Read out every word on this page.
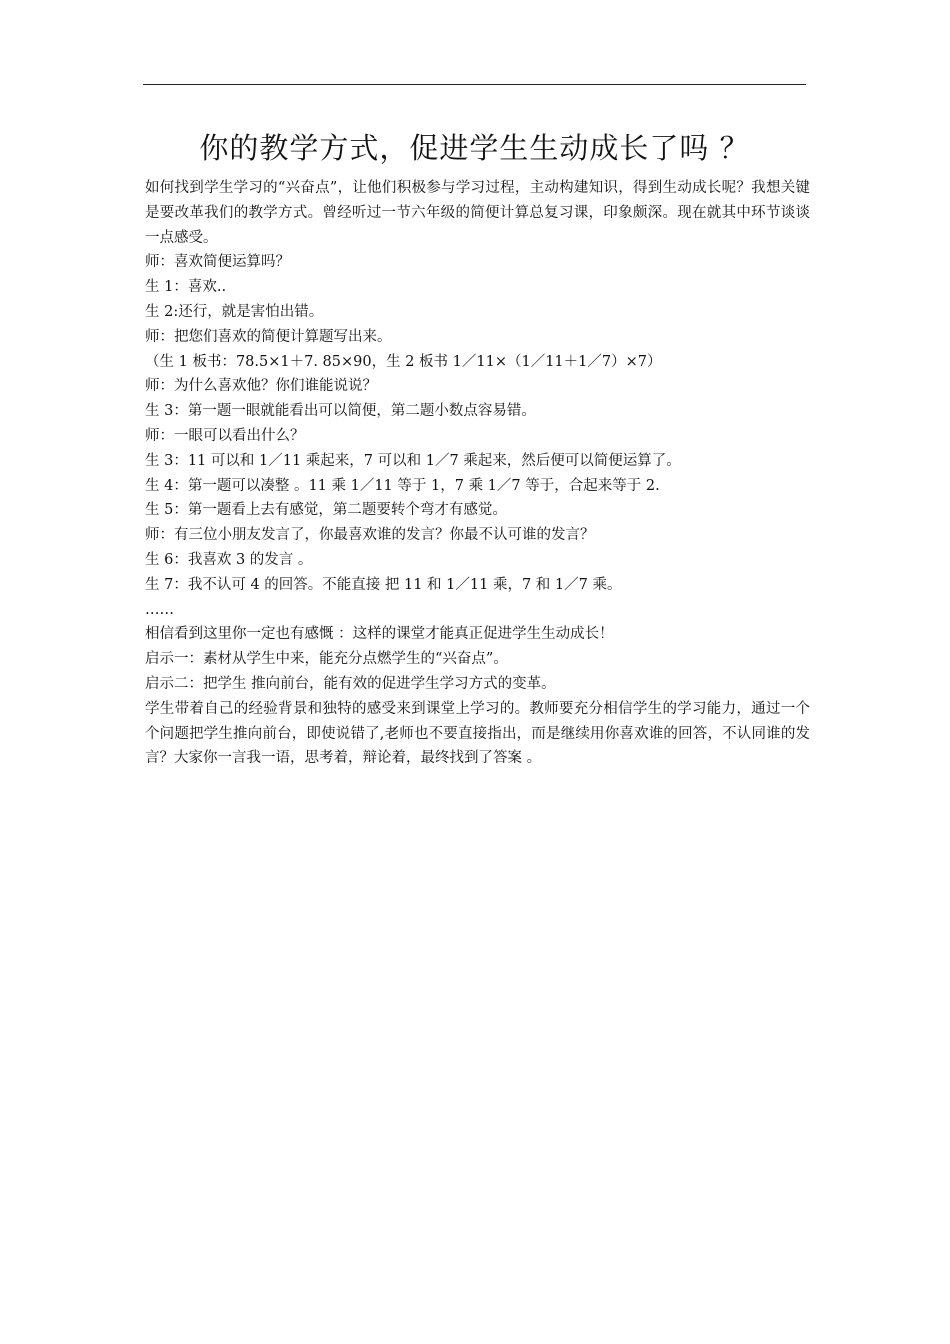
你的教学方式，促进学生生动成长了吗 ？

如何找到学生学习的“兴奋点”，让他们积极参与学习过程，主动构建知识，得到生动成长呢？我想关键是要改革我们的教学方式。曾经听过一节六年级的简便计算总复习课，印象颇深。现在就其中环节谈谈一点感受。

师：喜欢简便运算吗？

生 1：喜欢..

生 2:还行，就是害怕出错。

师：把您们喜欢的简便计算题写出来。

（生 1 板书：78.5×1＋7. 85×90，生 2 板书 1／11×（1／11＋1／7）×7）

师：为什么喜欢他？你们谁能说说？

生 3：第一题一眼就能看出可以简便，第二题小数点容易错。

师：一眼可以看出什么？

生 3：11 可以和 1／11 乘起来，7 可以和 1／7 乘起来，然后便可以简便运算了。

生 4：第一题可以凑整 。11 乘 1／11 等于 1，7 乘 1／7 等于，合起来等于 2.

生 5：第一题看上去有感觉，第二题要转个弯才有感觉。

师：有三位小朋友发言了，你最喜欢谁的发言？你最不认可谁的发言？

生 6：我喜欢 3 的发言 。

生 7：我不认可 4 的回答。不能直接 把 11 和 1／11 乘，7 和 1／7 乘。

……

相信看到这里你一定也有感慨 ：这样的课堂才能真正促进学生生动成长！

启示一：素材从学生中来，能充分点燃学生的“兴奋点”。

启示二：把学生 推向前台，能有效的促进学生学习方式的变革。

学生带着自己的经验背景和独特的感受来到课堂上学习的。教师要充分相信学生的学习能力，通过一个个问题把学生推向前台，即使说错了,老师也不要直接指出，而是继续用你喜欢谁的回答，不认同谁的发言？大家你一言我一语，思考着，辩论着，最终找到了答案 。
